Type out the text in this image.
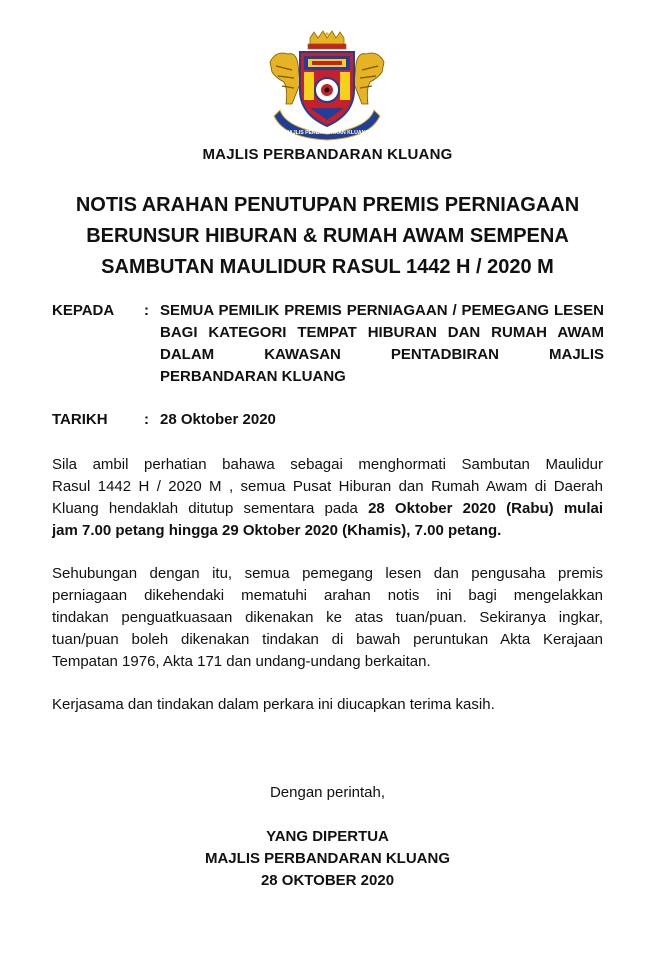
MAJLIS PERBANDARAN KLUANG
MAJLIS PERBANDARAN KLUANG
NOTIS ARAHAN PENUTUPAN PREMIS PERNIAGAAN
BERUNSUR HIBURAN & RUMAH AWAM SEMPENA
SAMBUTAN MAULIDUR RASUL 1442 H / 2020 M
KEPADA : SEMUA PEMILIK PREMIS PERNIAGAAN / PEMEGANG LESEN
BAGI KATEGORI TEMPAT HIBURAN DAN RUMAH AWAM
DALAM KAWASAN PENTADBIRAN MAJLIS
PERBANDARAN KLUANG
TARIKH : 28 Oktober 2020
Sila ambil perhatian bahawa sebagai menghormati Sambutan Maulidur
Rasul 1442 H / 2020 M , semua Pusat Hiburan dan Rumah Awam di Daerah
Kluang hendaklah ditutup sementara pada 28 Oktober 2020 (Rabu) mulai
jam 7.00 petang hingga 29 Oktober 2020 (Khamis), 7.00 petang.
Sehubungan dengan itu, semua pemegang lesen dan pengusaha premis
perniagaan dikehendaki mematuhi arahan notis ini bagi mengelakkan
tindakan penguatkuasaan dikenakan ke atas tuan/puan. Sekiranya ingkar,
tuan/puan boleh dikenakan tindakan di bawah peruntukan Akta Kerajaan
Tempatan 1976, Akta 171 dan undang-undang berkaitan.
Kerjasama dan tindakan dalam perkara ini diucapkan terima kasih.
Dengan perintah,
YANG DIPERTUA
MAJLIS PERBANDARAN KLUANG
28 OKTOBER 2020
